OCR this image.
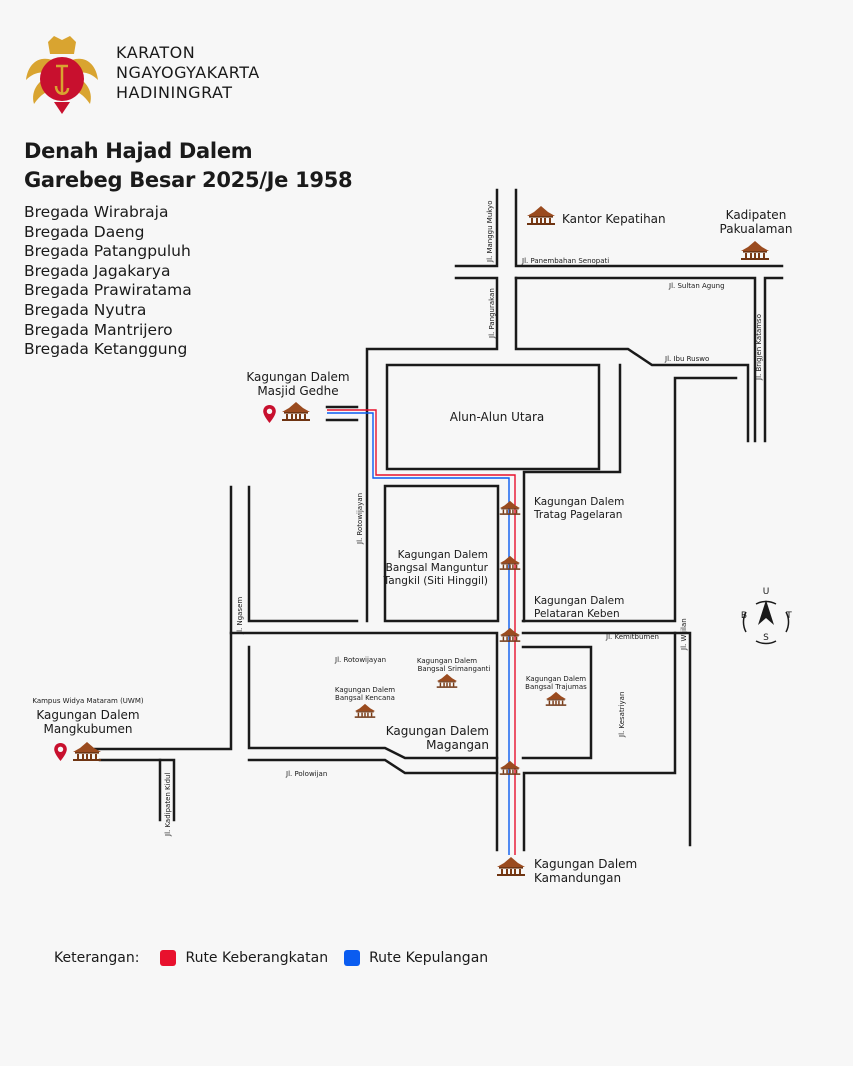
U
S
B	T
Jl. Manggu Mukyo	Jl. Panembahan Senopati
Jl. Sultan Agung
Jl. Pangurakan
Jl. Ibu Ruswo	Jl. Brigjen Katamso
Jl. Rotowijayan
Jl. Ngasem
Jl. Kemitbumen	Jl. Wijilan
Jl. Rotowijayan
Jl. Kesatriyan
Jl. Polowijan
Jl. Kadipaten Kidul
Kantor Kepatihan	Kadipaten
Pakualaman
Kagungan Dalem
Masjid Gedhe
Alun-Alun Utara
Kagungan Dalem
Tratag Pagelaran
Kagungan Dalem
Bangsal Manguntur
Tangkil (Siti Hinggil)
Kagungan Dalem
Pelataran Keben
Kagungan Dalem
Bangsal Srimanganti
Kagungan Dalem
Bangsal Kencana
Kagungan Dalem
Bangsal Trajumas
Kagungan Dalem
Magangan
Kampus Widya Mataram (UWM)
Kagungan Dalem
Mangkubumen
Kagungan Dalem
Kamandungan
KARATON
NGAYOGYAKARTA
HADININGRAT
Denah Hajad Dalem
Garebeg Besar 2025/Je 1958
Bregada Wirabraja
Bregada Daeng
Bregada Patangpuluh
Bregada Jagakarya
Bregada Prawiratama
Bregada Nyutra
Bregada Mantrijero
Bregada Ketanggung
Keterangan:	Rute Keberangkatan	Rute Kepulangan
